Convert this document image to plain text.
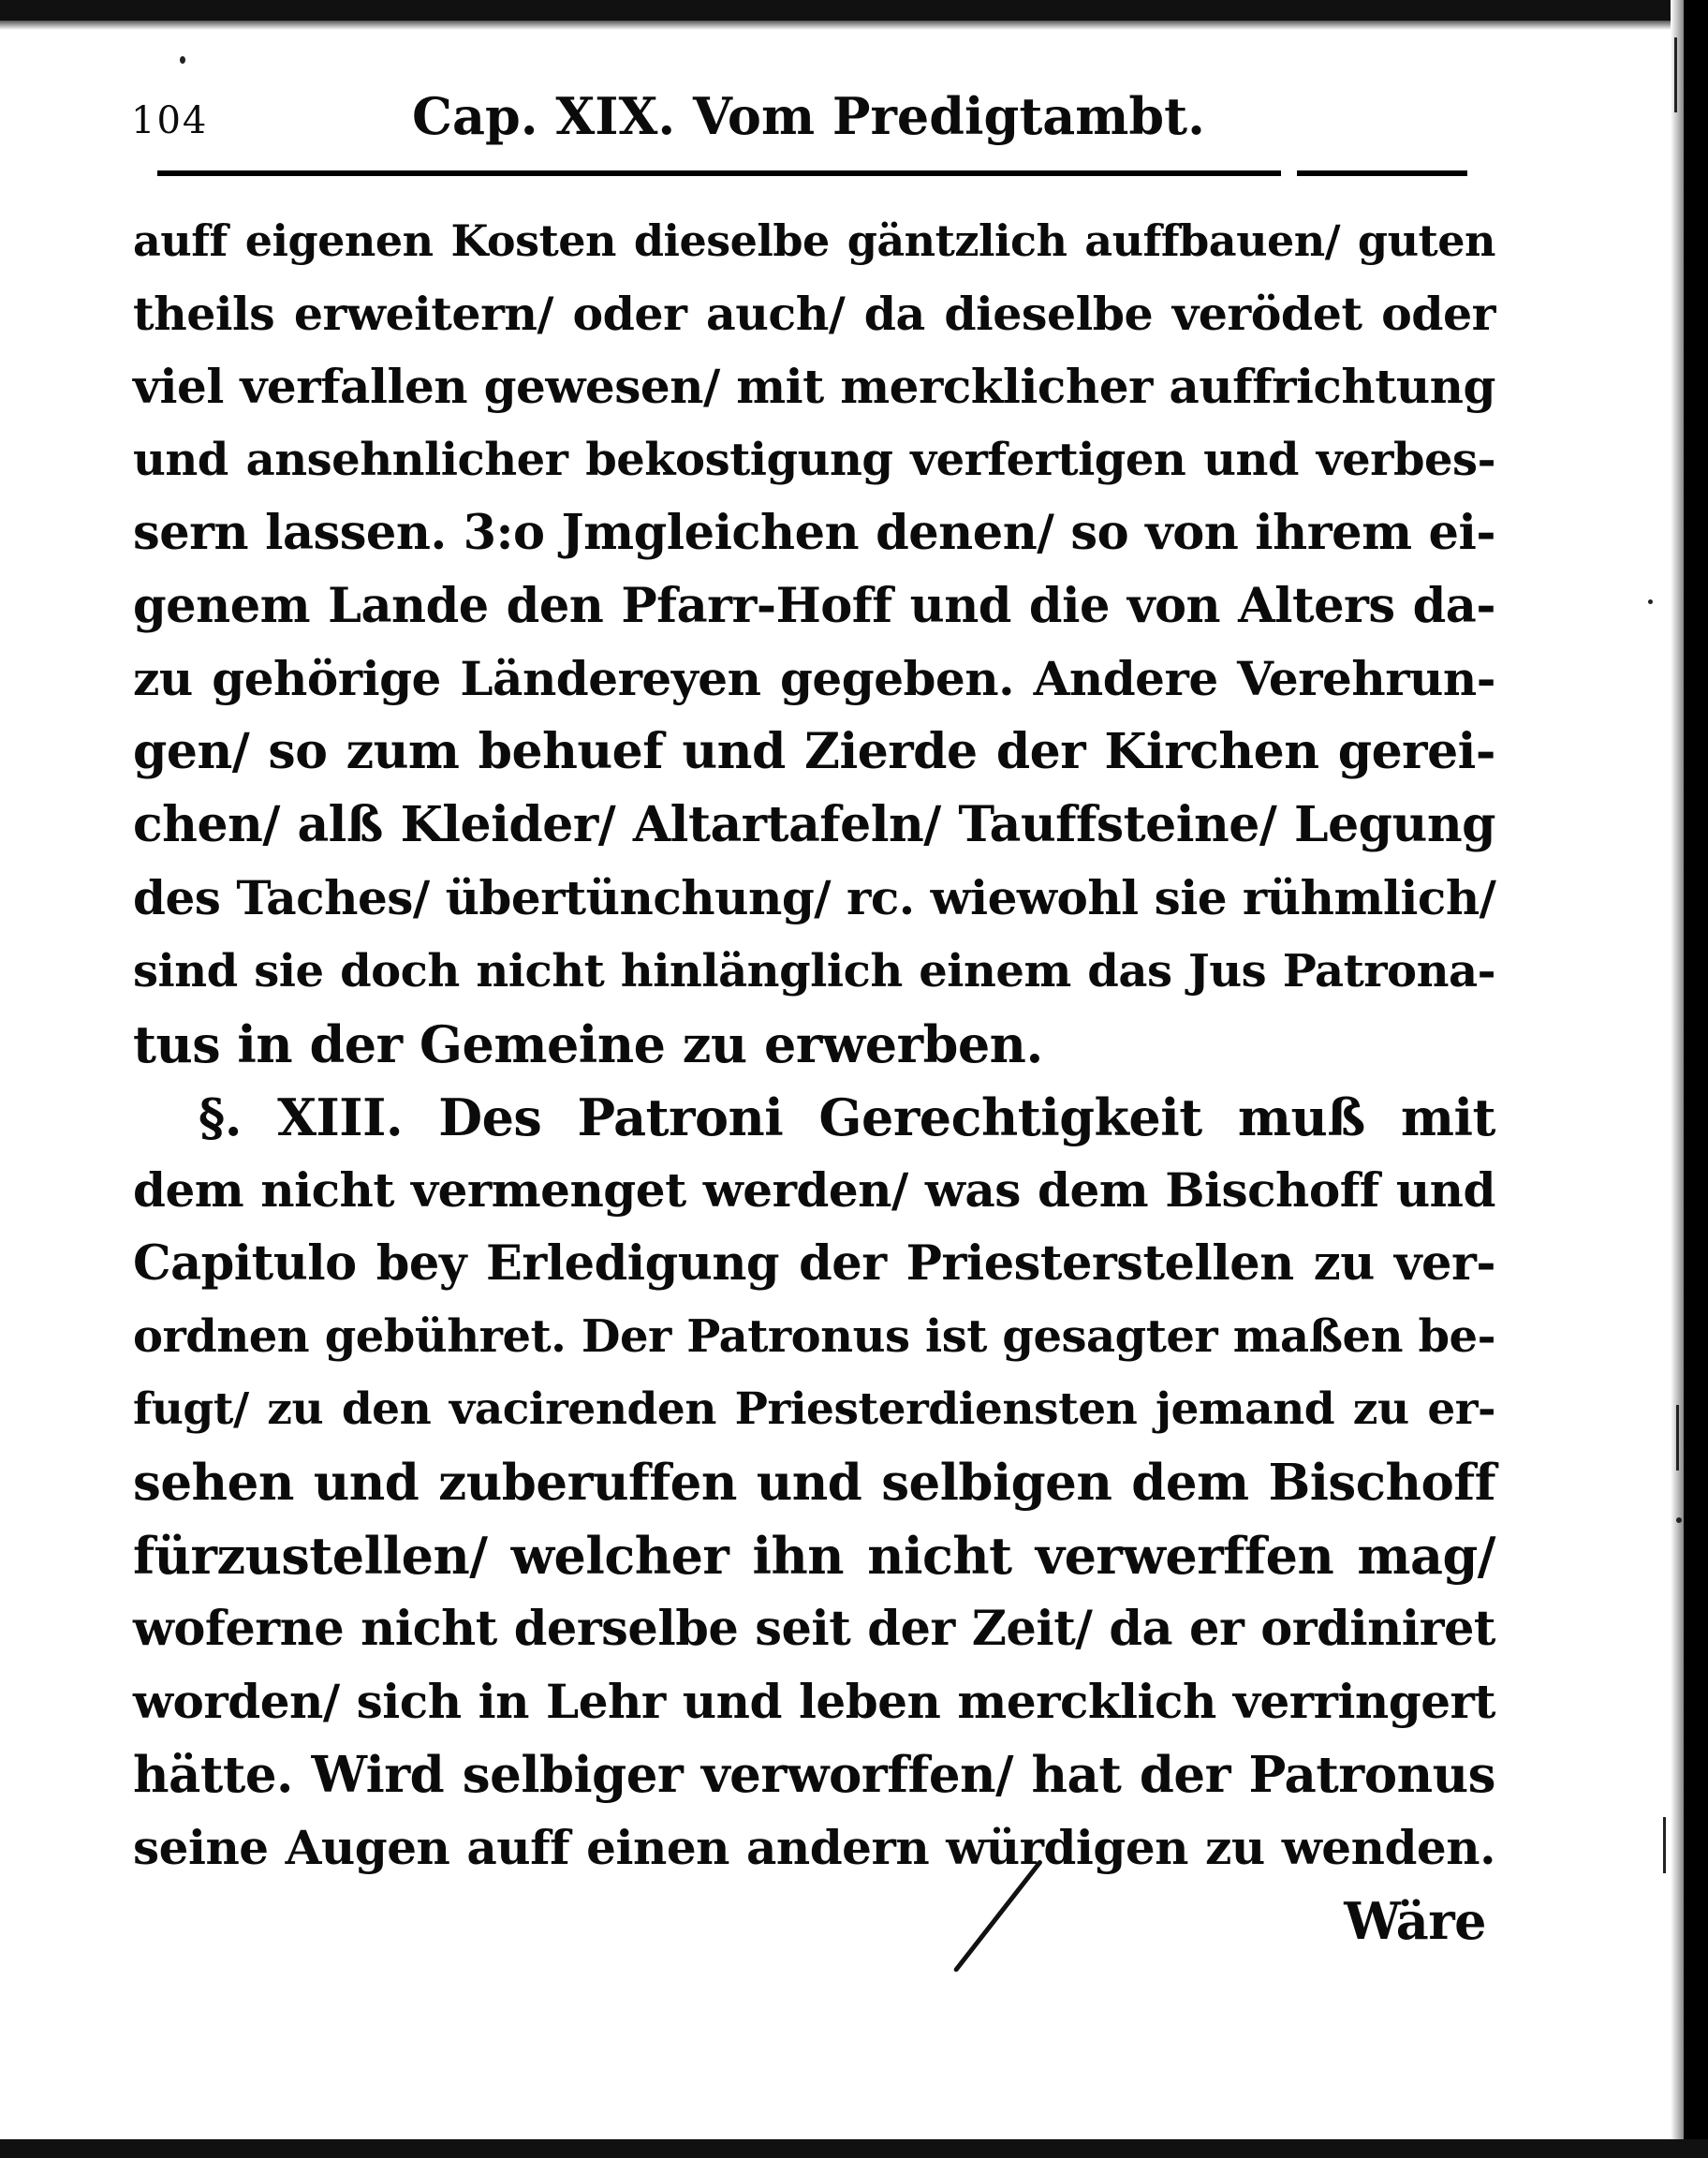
104	Cap. XIX. Vom Predigtambt.
auff eigenen Kosten dieselbe gäntzlich auffbauen/ guten
theils erweitern/ oder auch/ da dieselbe verödet oder
viel verfallen gewesen/ mit mercklicher auffrichtung
und ansehnlicher bekostigung verfertigen und verbes-
sern lassen. 3:o Jmgleichen denen/ so von ihrem ei-
genem Lande den Pfarr-Hoff und die von Alters da-
zu gehörige Ländereyen gegeben. Andere Verehrun-
gen/ so zum behuef und Zierde der Kirchen gerei-
chen/ alß Kleider/ Altartafeln/ Tauffsteine/ Legung
des Taches/ übertünchung/ rc. wiewohl sie rühmlich/
sind sie doch nicht hinlänglich einem das Jus Patrona-
tus in der Gemeine zu erwerben.
§. XIII. Des Patroni Gerechtigkeit muß mit
dem nicht vermenget werden/ was dem Bischoff und
Capitulo bey Erledigung der Priesterstellen zu ver-
ordnen gebühret. Der Patronus ist gesagter maßen be-
fugt/ zu den vacirenden Priesterdiensten jemand zu er-
sehen und zuberuffen und selbigen dem Bischoff
fürzustellen/ welcher ihn nicht verwerffen mag/
woferne nicht derselbe seit der Zeit/ da er ordiniret
worden/ sich in Lehr und leben mercklich verringert
hätte. Wird selbiger verworffen/ hat der Patronus
seine Augen auff einen andern würdigen zu wenden.
Wäre
